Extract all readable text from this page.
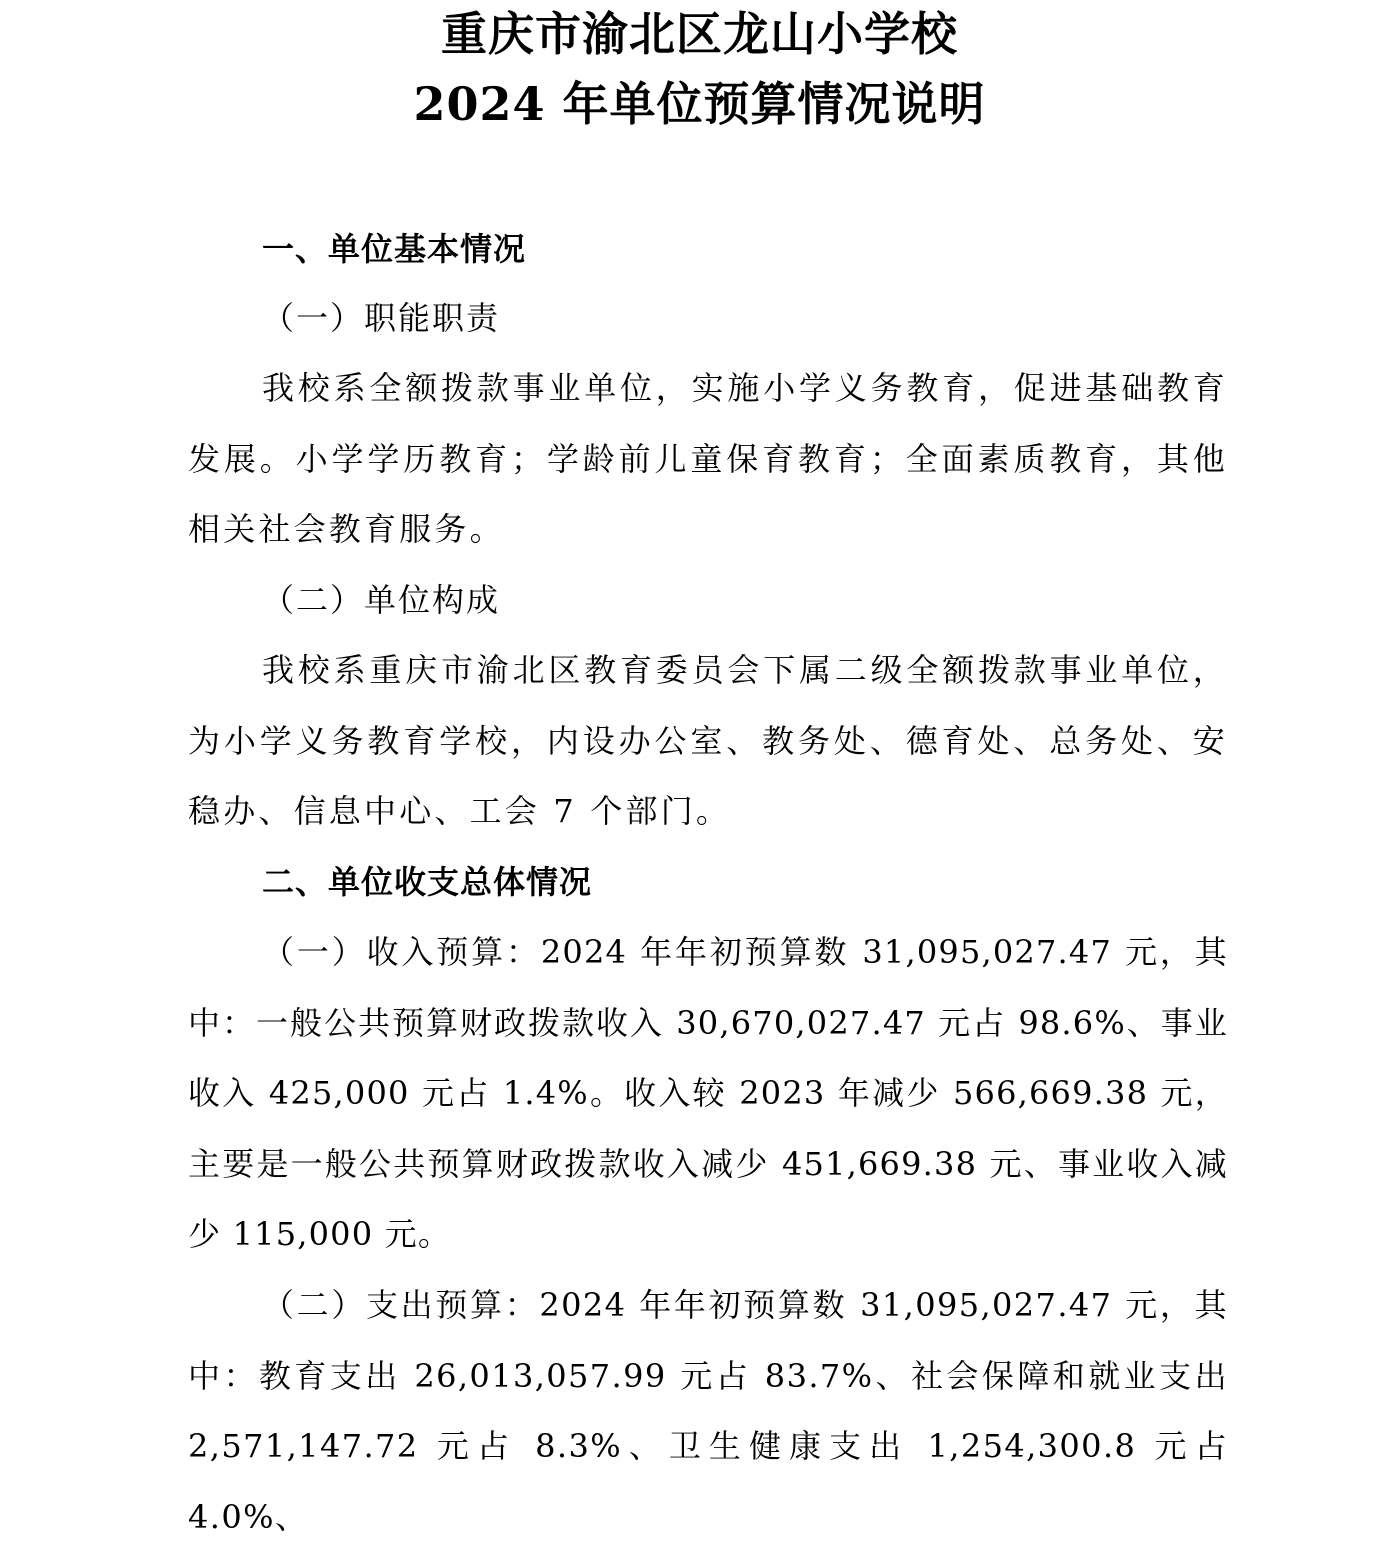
重庆市渝北区龙山小学校
2024 年单位预算情况说明
一、单位基本情况
（一）职能职责

我校系全额拨款事业单位，实施小学义务教育，促进基础教育发展。小学学历教育；学龄前儿童保育教育；全面素质教育，其他相关社会教育服务。

（二）单位构成

我校系重庆市渝北区教育委员会下属二级全额拨款事业单位，为小学义务教育学校，内设办公室、教务处、德育处、总务处、安稳办、信息中心、工会 7 个部门。

二、单位收支总体情况

（一）收入预算：2024 年年初预算数 31,095,027.47 元，其中：一般公共预算财政拨款收入 30,670,027.47 元占 98.6%、事业收入 425,000 元占 1.4%。收入较 2023 年减少 566,669.38 元，主要是一般公共预算财政拨款收入减少 451,669.38 元、事业收入减少 115,000 元。

（二）支出预算：2024 年年初预算数 31,095,027.47 元，其中：教育支出 26,013,057.99 元占 83.7%、社会保障和就业支出 2,571,147.72 元占 8.3%、卫生健康支出 1,254,300.8 元占 4.0%、
